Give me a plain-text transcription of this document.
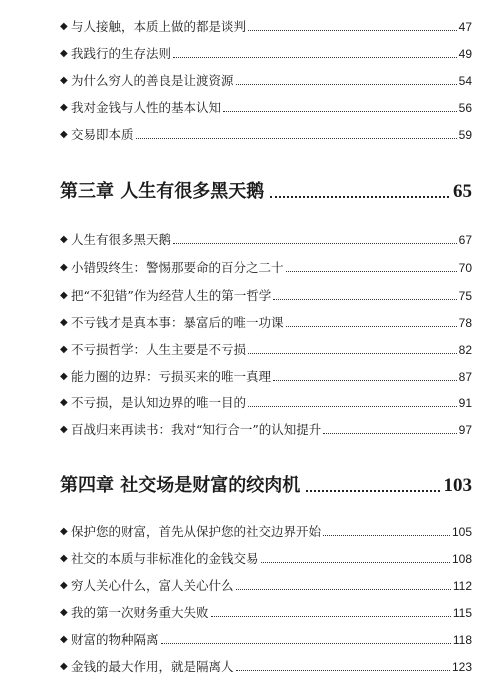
◆ 与人接触，本质上做的都是谈判	47
◆ 我践行的生存法则	49
◆ 为什么穷人的善良是让渡资源	54
◆ 我对金钱与人性的基本认知	56
◆ 交易即本质	59
第三章 人生有很多黑天鹅	65
◆ 人生有很多黑天鹅	67
◆ 小错毁终生：警惕那要命的百分之二十	70
◆ 把“不犯错”作为经营人生的第一哲学	75
◆ 不亏钱才是真本事：暴富后的唯一功课	78
◆ 不亏损哲学：人生主要是不亏损	82
◆ 能力圈的边界：亏损买来的唯一真理	87
◆ 不亏损，是认知边界的唯一目的	91
◆ 百战归来再读书：我对“知行合一”的认知提升	97
第四章 社交场是财富的绞肉机	103
◆ 保护您的财富，首先从保护您的社交边界开始	105
◆ 社交的本质与非标准化的金钱交易	108
◆ 穷人关心什么，富人关心什么	112
◆ 我的第一次财务重大失败	115
◆ 财富的物种隔离	118
◆ 金钱的最大作用，就是隔离人	123
